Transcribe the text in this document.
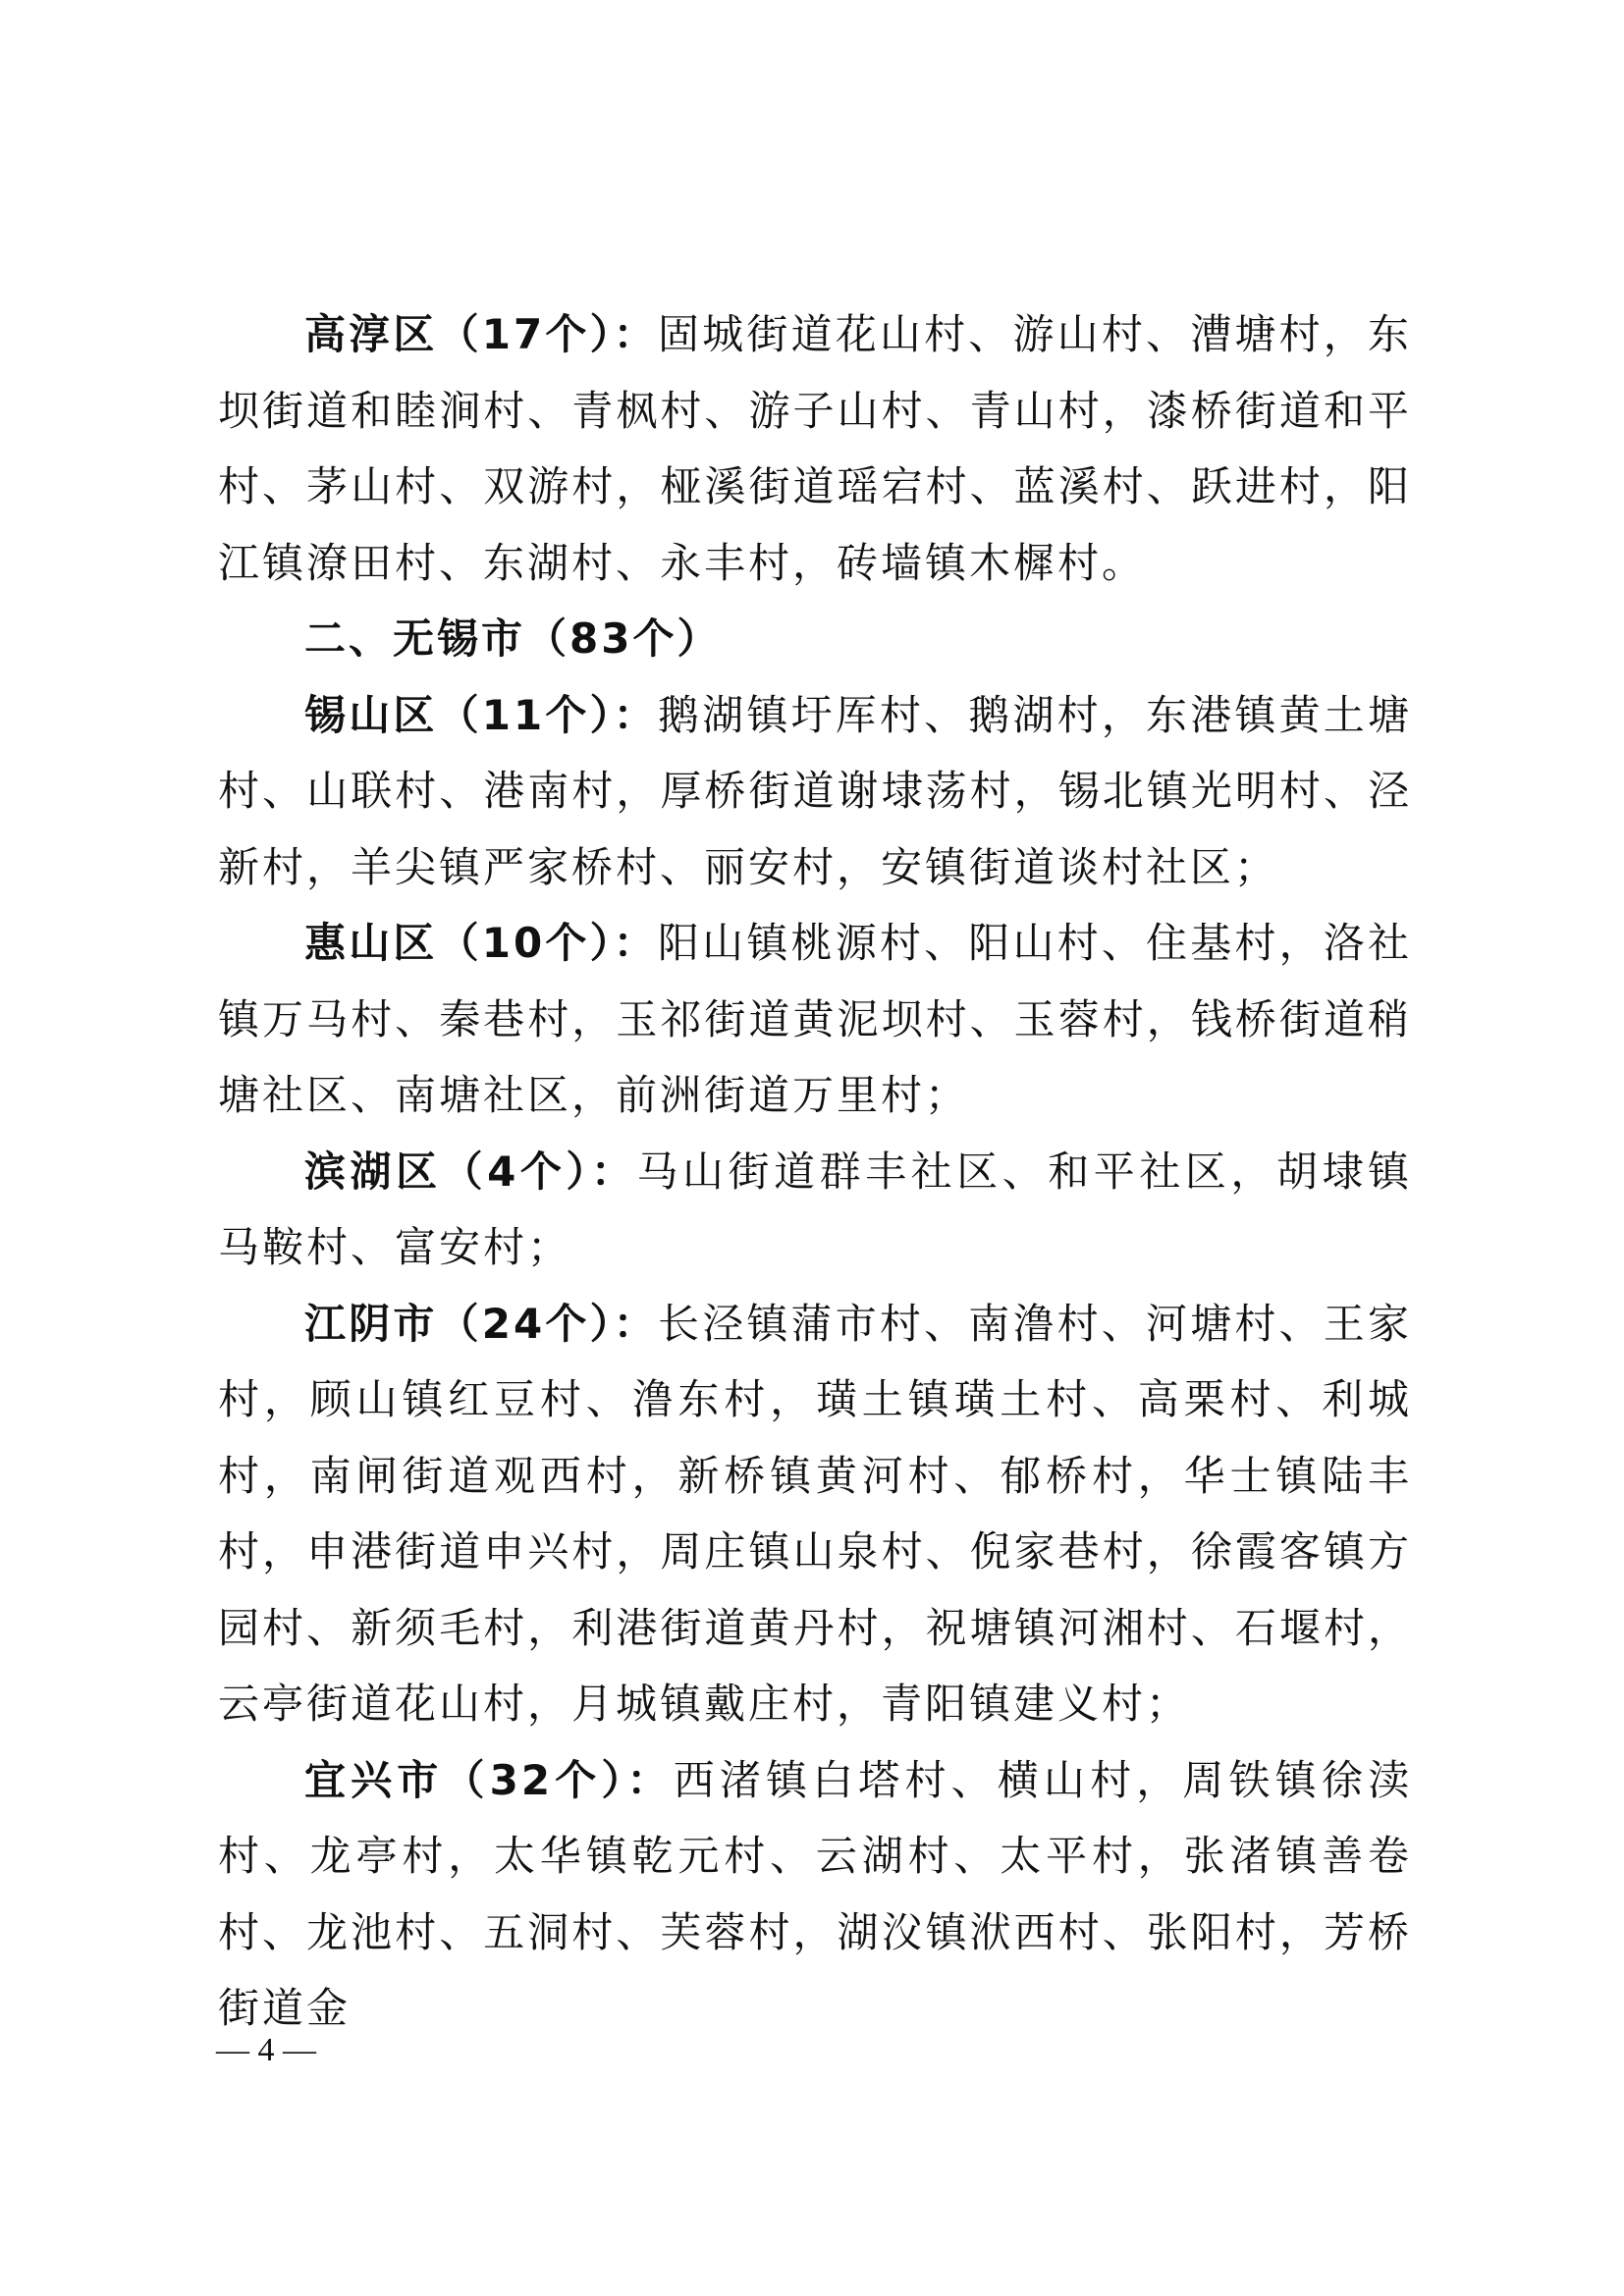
高淳区（17个）：固城街道花山村、游山村、漕塘村，东坝街道和睦涧村、青枫村、游子山村、青山村，漆桥街道和平村、茅山村、双游村，桠溪街道瑶宕村、蓝溪村、跃进村，阳江镇潦田村、东湖村、永丰村，砖墙镇木樨村。

二、无锡市（83个）

锡山区（11个）：鹅湖镇圩厍村、鹅湖村，东港镇黄土塘村、山联村、港南村，厚桥街道谢埭荡村，锡北镇光明村、泾新村，羊尖镇严家桥村、丽安村，安镇街道谈村社区；

惠山区（10个）：阳山镇桃源村、阳山村、住基村，洛社镇万马村、秦巷村，玉祁街道黄泥坝村、玉蓉村，钱桥街道稍塘社区、南塘社区，前洲街道万里村；

滨湖区（4个）：马山街道群丰社区、和平社区，胡埭镇马鞍村、富安村；

江阴市（24个）：长泾镇蒲市村、南澛村、河塘村、王家村，顾山镇红豆村、澛东村，璜土镇璜土村、高栗村、利城村，南闸街道观西村，新桥镇黄河村、郁桥村，华士镇陆丰村，申港街道申兴村，周庄镇山泉村、倪家巷村，徐霞客镇方园村、新须毛村，利港街道黄丹村，祝塘镇河湘村、石堰村，云亭街道花山村，月城镇戴庄村，青阳镇建义村；

宜兴市（32个）：西渚镇白塔村、横山村，周铁镇徐渎村、龙亭村，太华镇乾元村、云湖村、太平村，张渚镇善卷村、龙池村、五洞村、芙蓉村，湖㳇镇洑西村、张阳村，芳桥街道金

— 4 —
